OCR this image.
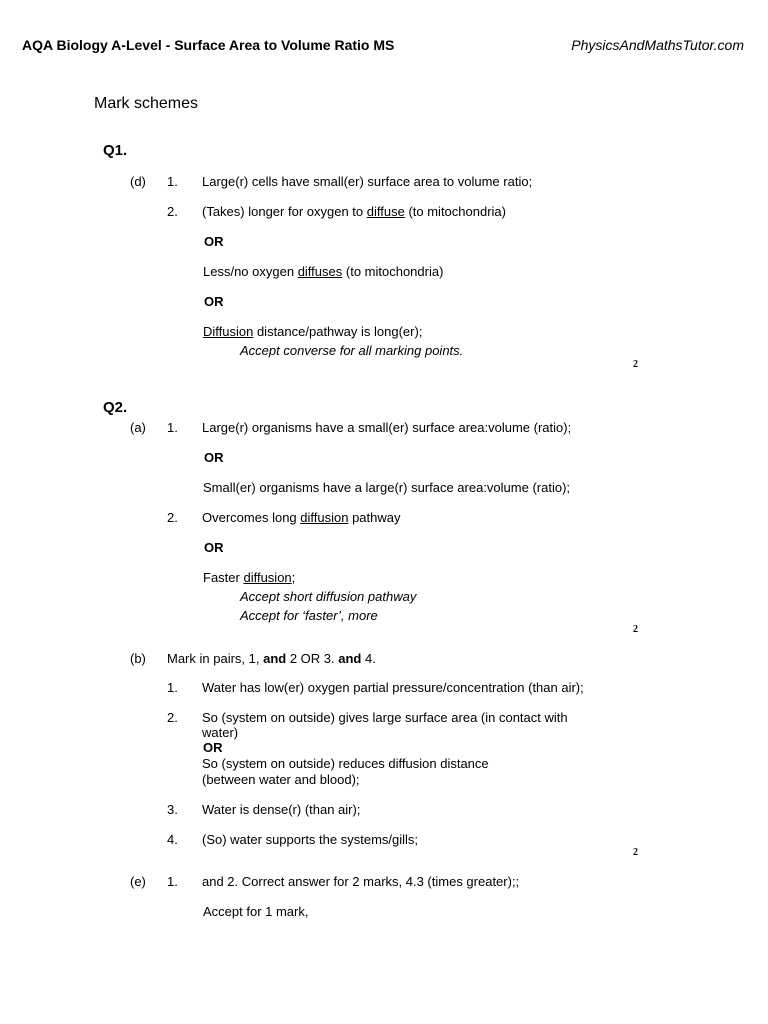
AQA Biology A-Level - Surface Area to Volume Ratio MS	PhysicsAndMathsTutor.com
Mark schemes
Q1.
(d) 1. Large(r) cells have small(er) surface area to volume ratio;
2. (Takes) longer for oxygen to diffuse (to mitochondria)
OR
Less/no oxygen diffuses (to mitochondria)
OR
Diffusion distance/pathway is long(er);
Accept converse for all marking points.
2
Q2.
(a) 1. Large(r) organisms have a small(er) surface area:volume (ratio);
OR
Small(er) organisms have a large(r) surface area:volume (ratio);
2. Overcomes long diffusion pathway
OR
Faster diffusion;
Accept short diffusion pathway
Accept for ‘faster’, more
2
(b) Mark in pairs, 1, and 2 OR 3. and 4.
1. Water has low(er) oxygen partial pressure/concentration (than air);
2. So (system on outside) gives large surface area (in contact with
water)
OR
So (system on outside) reduces diffusion distance
(between water and blood);
3. Water is dense(r) (than air);
4. (So) water supports the systems/gills;
2
(e) 1. and 2. Correct answer for 2 marks, 4.3 (times greater);;
Accept for 1 mark,
